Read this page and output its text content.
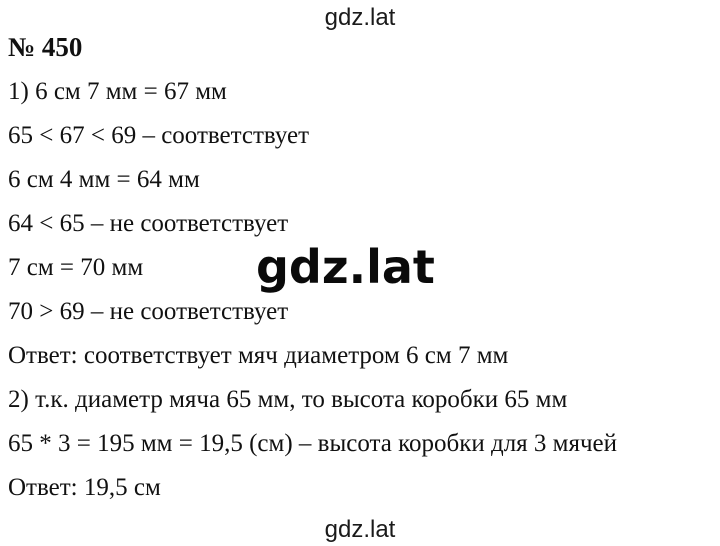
gdz.lat
№ 450
1) 6 см 7 мм = 67 мм
65 < 67 < 69 – соответствует
6 см 4 мм = 64 мм
64 < 65 – не соответствует
7 см = 70 мм
70 > 69 – не соответствует
Ответ: соответствует мяч диаметром 6 см 7 мм
2) т.к. диаметр мяча 65 мм, то высота коробки 65 мм
65 * 3 = 195 мм = 19,5 (см) – высота коробки для 3 мячей
Ответ: 19,5 см
gdz.lat
gdz.lat
